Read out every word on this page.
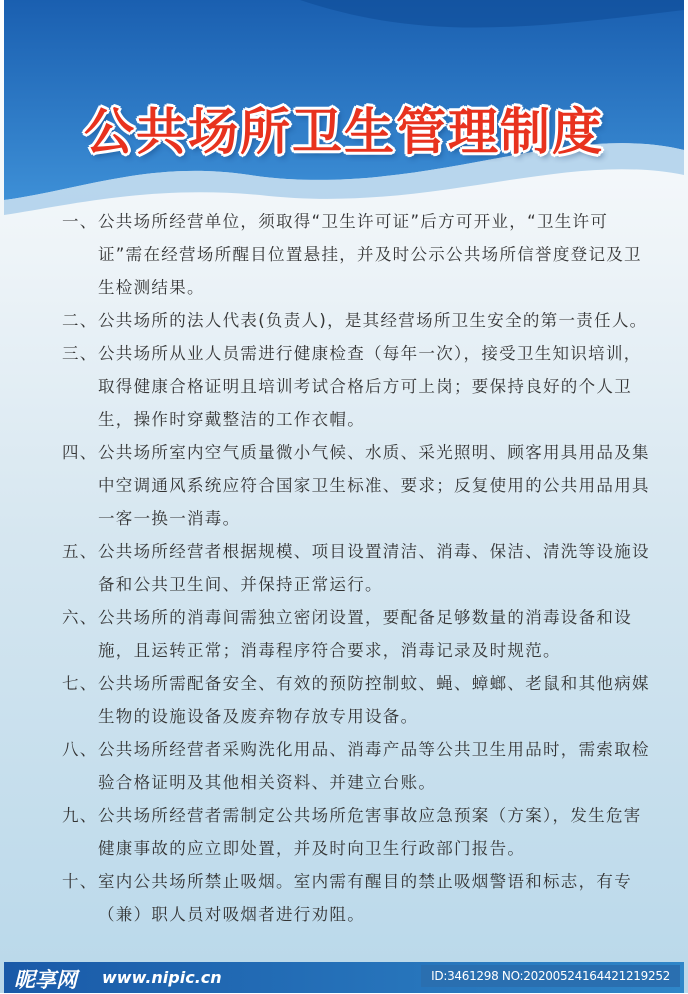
公共场所卫生管理制度
一、 公共场所经营单位，须取得“卫生许可证”后方可开业，“卫生许可
证”需在经营场所醒目位置悬挂，并及时公示公共场所信誉度登记及卫
生检测结果。
二、 公共场所的法人代表(负责人)，是其经营场所卫生安全的第一责任人。
三、 公共场所从业人员需进行健康检查（每年一次），接受卫生知识培训，
取得健康合格证明且培训考试合格后方可上岗；要保持良好的个人卫
生，操作时穿戴整洁的工作衣帽。
四、 公共场所室内空气质量微小气候、水质、采光照明、顾客用具用品及集
中空调通风系统应符合国家卫生标准、要求；反复使用的公共用品用具
一客一换一消毒。
五、 公共场所经营者根据规模、项目设置清洁、消毒、保洁、清洗等设施设
备和公共卫生间、并保持正常运行。
六、 公共场所的消毒间需独立密闭设置，要配备足够数量的消毒设备和设
施，且运转正常；消毒程序符合要求，消毒记录及时规范。
七、 公共场所需配备安全、有效的预防控制蚊、蝇、蟑螂、老鼠和其他病媒
生物的设施设备及废弃物存放专用设备。
八、 公共场所经营者采购洗化用品、消毒产品等公共卫生用品时，需索取检
验合格证明及其他相关资料、并建立台账。
九、 公共场所经营者需制定公共场所危害事故应急预案（方案），发生危害
健康事故的应立即处置，并及时向卫生行政部门报告。
十、 室内公共场所禁止吸烟。室内需有醒目的禁止吸烟警语和标志，有专
（兼）职人员对吸烟者进行劝阻。
昵享网 www.nipic.cn	ID:3461298 NO:20200524164421219252
